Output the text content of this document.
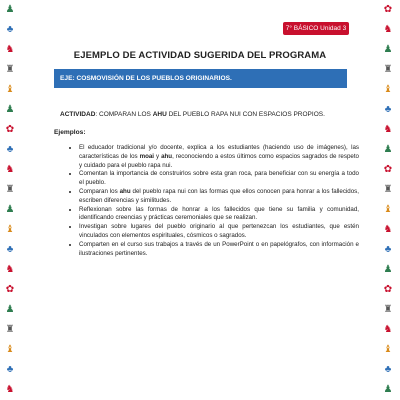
♟
♣
♞
♜
♝
♟
✿
♣
♞
♜
♟
♝
♣
♞
✿
♟
♜
♝
♣
♞
✿
♞
♟
♜
♝
♣
♞
♟
✿
♜
♝
♞
♣
♟
✿
♜
♞
♝
♣
♟
7° BÁSICO Unidad 3
EJEMPLO DE ACTIVIDAD SUGERIDA DEL PROGRAMA
EJE: COSMOVISIÓN DE LOS PUEBLOS ORIGINARIOS.
ACTIVIDAD: COMPARAN LOS AHU DEL PUEBLO RAPA NUI CON ESPACIOS PROPIOS.
Ejemplos:
• El educador tradicional y/o docente, explica a los estudiantes (haciendo uso de imágenes), las características de los moai y ahu, reconociendo a estos últimos como espacios sagrados de respeto y cuidado para el pueblo rapa nui.
• Comentan la importancia de construirlos sobre esta gran roca, para beneficiar con su energía a todo el pueblo.
• Comparan los ahu del pueblo rapa nui con las formas que ellos conocen para honrar a los fallecidos, escriben diferencias y similitudes.
• Reflexionan sobre las formas de honrar a los fallecidos que tiene su familia y comunidad, identificando creencias y prácticas ceremoniales que se realizan.
• Investigan sobre lugares del pueblo originario al que pertenezcan los estudiantes, que estén vinculados con elementos espirituales, cósmicos o sagrados.
• Comparten en el curso sus trabajos a través de un PowerPoint o en papelógrafos, con información e ilustraciones pertinentes.
